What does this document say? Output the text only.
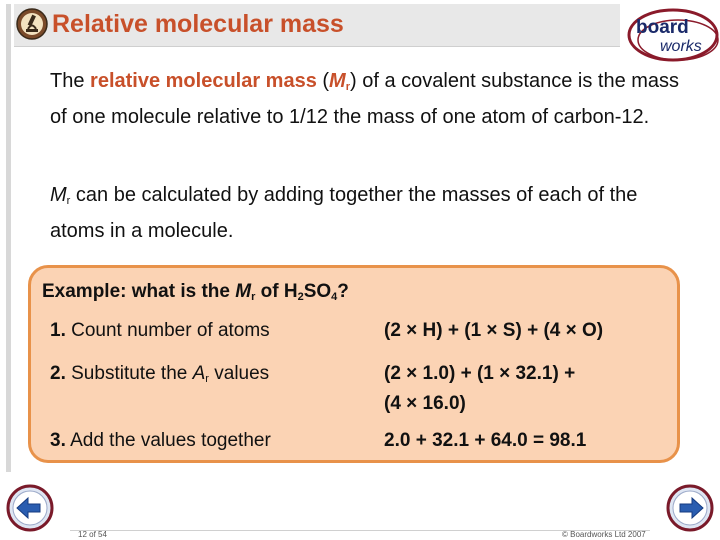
Relative molecular mass	board
works
The relative molecular mass $(M_r)$ of a covalent substance is the mass of one molecule relative to 1/12 the mass of one atom of carbon-12.
$M_r$ can be calculated by adding together the masses of each of the atoms in a molecule.
Example: what is the Mr of H2SO4?
1. Count number of atoms	(2 × H) + (1 × S) + (4 × O)
2. Substitute the $A_r$ values	(2 × 1.0) + (1 × 32.1) +
(4 × 16.0)
3. Add the values together	2.0 + 32.1 + 64.0 = 98.1
12 of 54	© Boardworks Ltd 2007
